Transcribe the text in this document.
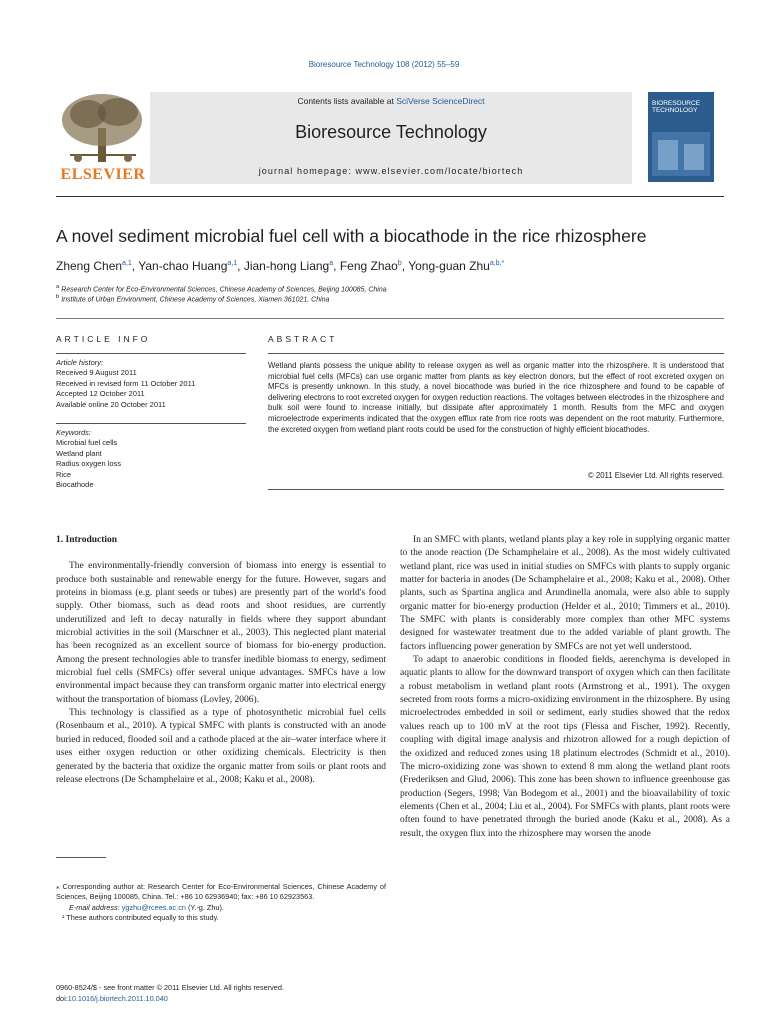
Bioresource Technology 108 (2012) 55–59
ELSEVIER
Contents lists available at SciVerse ScienceDirect
Bioresource Technology
journal homepage: www.elsevier.com/locate/biortech
BIORESOURCE TECHNOLOGY
A novel sediment microbial fuel cell with a biocathode in the rice rhizosphere
Zheng Chen$^{a,1}$, Yan-chao Huang$^{a,1}$, Jian-hong Liang$^a$, Feng Zhao$^b$, Yong-guan Zhu$^{a,b,*}$
$^a$ Research Center for Eco-Environmental Sciences, Chinese Academy of Sciences, Beijing 100085, China
$^b$ Institute of Urban Environment, Chinese Academy of Sciences, Xiamen 361021, China
ARTICLE INFO
Article history:
Received 9 August 2011
Received in revised form 11 October 2011
Accepted 12 October 2011
Available online 20 October 2011
Keywords:
Microbial fuel cells
Wetland plant
Radius oxygen loss
Rice
Biocathode
ABSTRACT
Wetland plants possess the unique ability to release oxygen as well as organic matter into the rhizosphere. It is understood that microbial fuel cells (MFCs) can use organic matter from plants as key electron donors, but the effect of root excreted oxygen on MFCs is presently unknown. In this study, a novel biocathode was buried in the rice rhizosphere and found to be capable of delivering electrons to root excreted oxygen for oxygen reduction reactions. The voltages between electrodes in the rhizosphere and bulk soil were found to increase initially, but dissipate after approximately 1 month. Results from the MFC and oxygen microelectrode experiments indicated that the oxygen efflux rate from rice roots was dependent on the root maturity. Furthermore, the excreted oxygen from wetland plant roots could be used for the construction of highly efficient biocathodes.
© 2011 Elsevier Ltd. All rights reserved.
1. Introduction

The environmentally-friendly conversion of biomass into energy is essential to produce both sustainable and renewable energy for the future. However, sugars and proteins in biomass (e.g. plant seeds or tubes) are presently part of the world's food supply. Other biomass, such as dead roots and shoot residues, are currently underutilized and left to decay naturally in fields where they support abundant microbial activities in the soil (Marschner et al., 2003). This neglected plant material has been recognized as an excellent source of biomass for bio-energy production. Among the present technologies able to transfer inedible biomass to energy, sediment microbial fuel cells (SMFCs) offer several unique advantages. SMFCs have a low environmental impact because they can transform organic matter into electrical energy without the transportation of biomass (Lovley, 2006).

This technology is classified as a type of photosynthetic microbial fuel cells (Rosenbaum et al., 2010). A typical SMFC with plants is constructed with an anode buried in reduced, flooded soil and a cathode placed at the air–water interface where it uses either oxygen reduction or other oxidizing chemicals. Electricity is then generated by the bacteria that oxidize the organic matter from soils or plant roots and release electrons (De Schamphelaire et al., 2008; Kaku et al., 2008).

In an SMFC with plants, wetland plants play a key role in supplying organic matter to the anode reaction (De Schamphelaire et al., 2008). As the most widely cultivated wetland plant, rice was used in initial studies on SMFCs with plants to supply organic matter for bacteria in anodes (De Schamphelaire et al., 2008; Kaku et al., 2008). Other plants, such as Spartina anglica and Arundinella anomala, were also able to supply organic matter for bio-energy production (Helder et al., 2010; Timmers et al., 2010). The SMFC with plants is considerably more complex than other MFC systems designed for wastewater treatment due to the added variable of plant growth. The factors influencing power generation by SMFCs are not yet well understood.

To adapt to anaerobic conditions in flooded fields, aerenchyma is developed in aquatic plants to allow for the downward transport of oxygen which can then facilitate a robust metabolism in wetland plant roots (Armstrong et al., 1991). The oxygen secreted from roots forms a micro-oxidizing environment in the rhizosphere. By using microelectrodes embedded in soil or sediment, early studies showed that the redox values reach up to 100 mV at the root tips (Flessa and Fischer, 1992). Recently, coupling with digital image analysis and rhizotron allowed for a rough depiction of the oxidized and reduced zones using 18 platinum electrodes (Schmidt et al., 2010). The micro-oxidizing zone was shown to extend 8 mm along the wetland plant roots (Frederiksen and Glud, 2006). This zone has been shown to influence greenhouse gas production (Segers, 1998; Van Bodegom et al., 2001) and the bioavailability of toxic elements (Chen et al., 2004; Liu et al., 2004). For SMFCs with plants, plant roots were often found to have penetrated through the buried anode (Kaku et al., 2008). As a result, the oxygen flux into the rhizosphere may worsen the anode

⁎ Corresponding author at: Research Center for Eco-Environmental Sciences, Chinese Academy of Sciences, Beijing 100085, China. Tel.: +86 10 62936940; fax: +86 10 62923563.

E-mail address: ygzhu@rcees.ac.cn (Y.-g. Zhu).

¹ These authors contributed equally to this study.

0960-8524/$ - see front matter © 2011 Elsevier Ltd. All rights reserved.
doi:10.1016/j.biortech.2011.10.040
